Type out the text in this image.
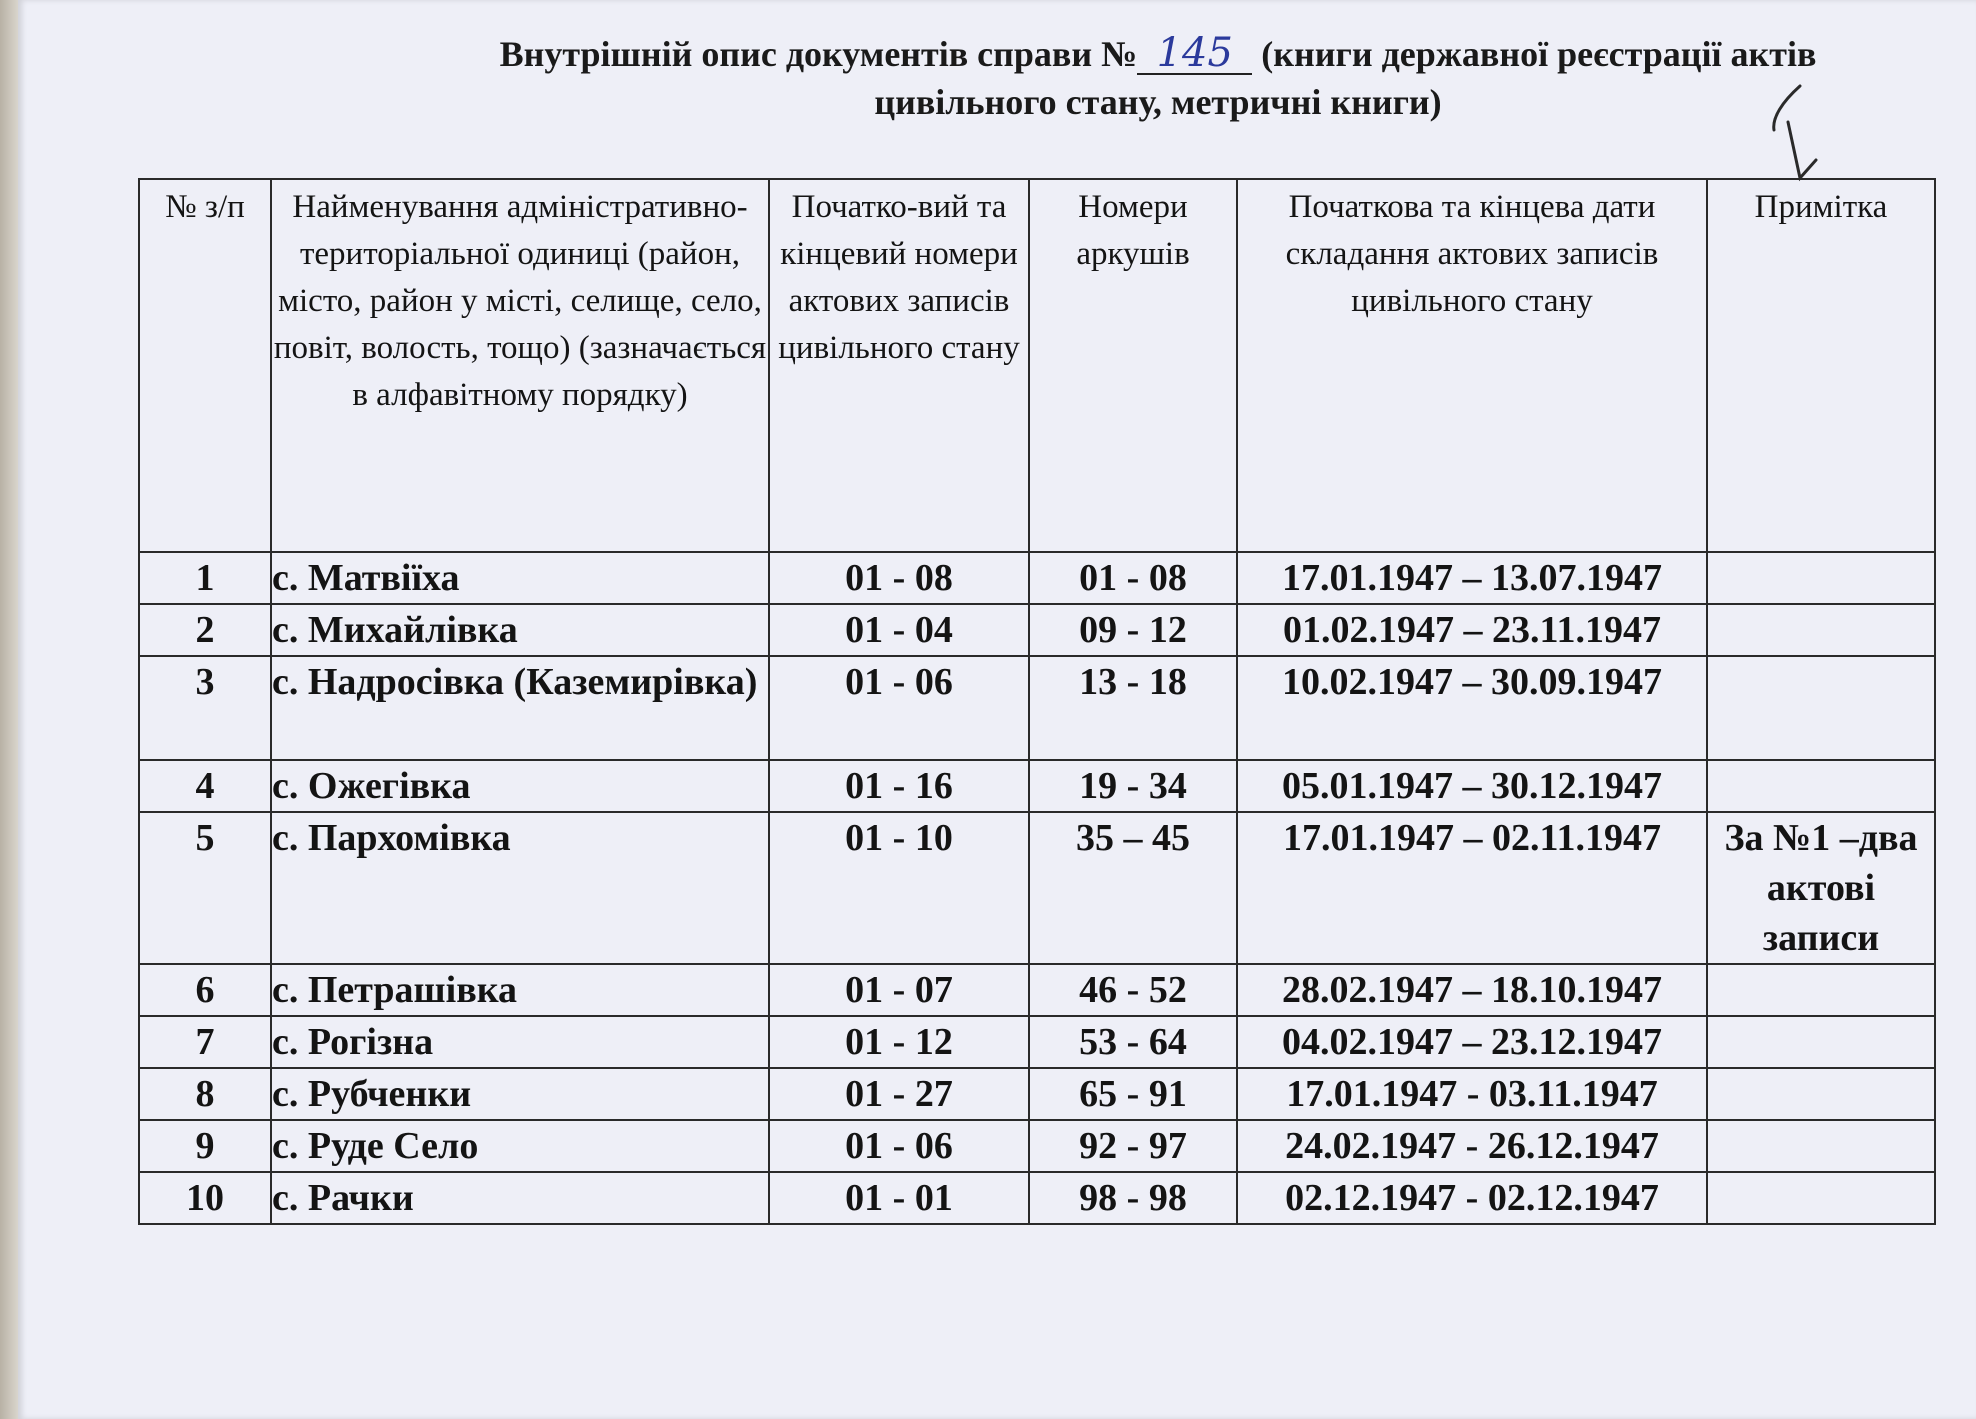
Внутрішній опис документів справи № 145 (книги державної реєстрації актів
цивільного стану, метричні книги)
№ з/п	Найменування адміністративно-територіальної одиниці (район, місто, район у місті, селище, село, повіт, волость, тощо) (зазначається в алфавітному порядку)	Початко-вий та кінцевий номери актових записів цивільного стану	Номери аркушів	Початкова та кінцева дати складання актових записів цивільного стану	Примітка
1	с. Матвіїха	01 - 08	01 - 08	17.01.1947 – 13.07.1947	
2	с. Михайлівка	01 - 04	09 - 12	01.02.1947 – 23.11.1947	
3	с. Надросівка (Каземирівка)	01 - 06	13 - 18	10.02.1947 – 30.09.1947	
4	с. Ожегівка	01 - 16	19 - 34	05.01.1947 – 30.12.1947	
5	с. Пархомівка	01 - 10	35 – 45	17.01.1947 – 02.11.1947	За №1 –два актові записи
6	с. Петрашівка	01 - 07	46 - 52	28.02.1947 – 18.10.1947	
7	с. Рогізна	01 - 12	53 - 64	04.02.1947 – 23.12.1947	
8	с. Рубченки	01 - 27	65 - 91	17.01.1947 - 03.11.1947	
9	с. Руде Село	01 - 06	92 - 97	24.02.1947 - 26.12.1947	
10	с. Рачки	01 - 01	98 - 98	02.12.1947 - 02.12.1947	
